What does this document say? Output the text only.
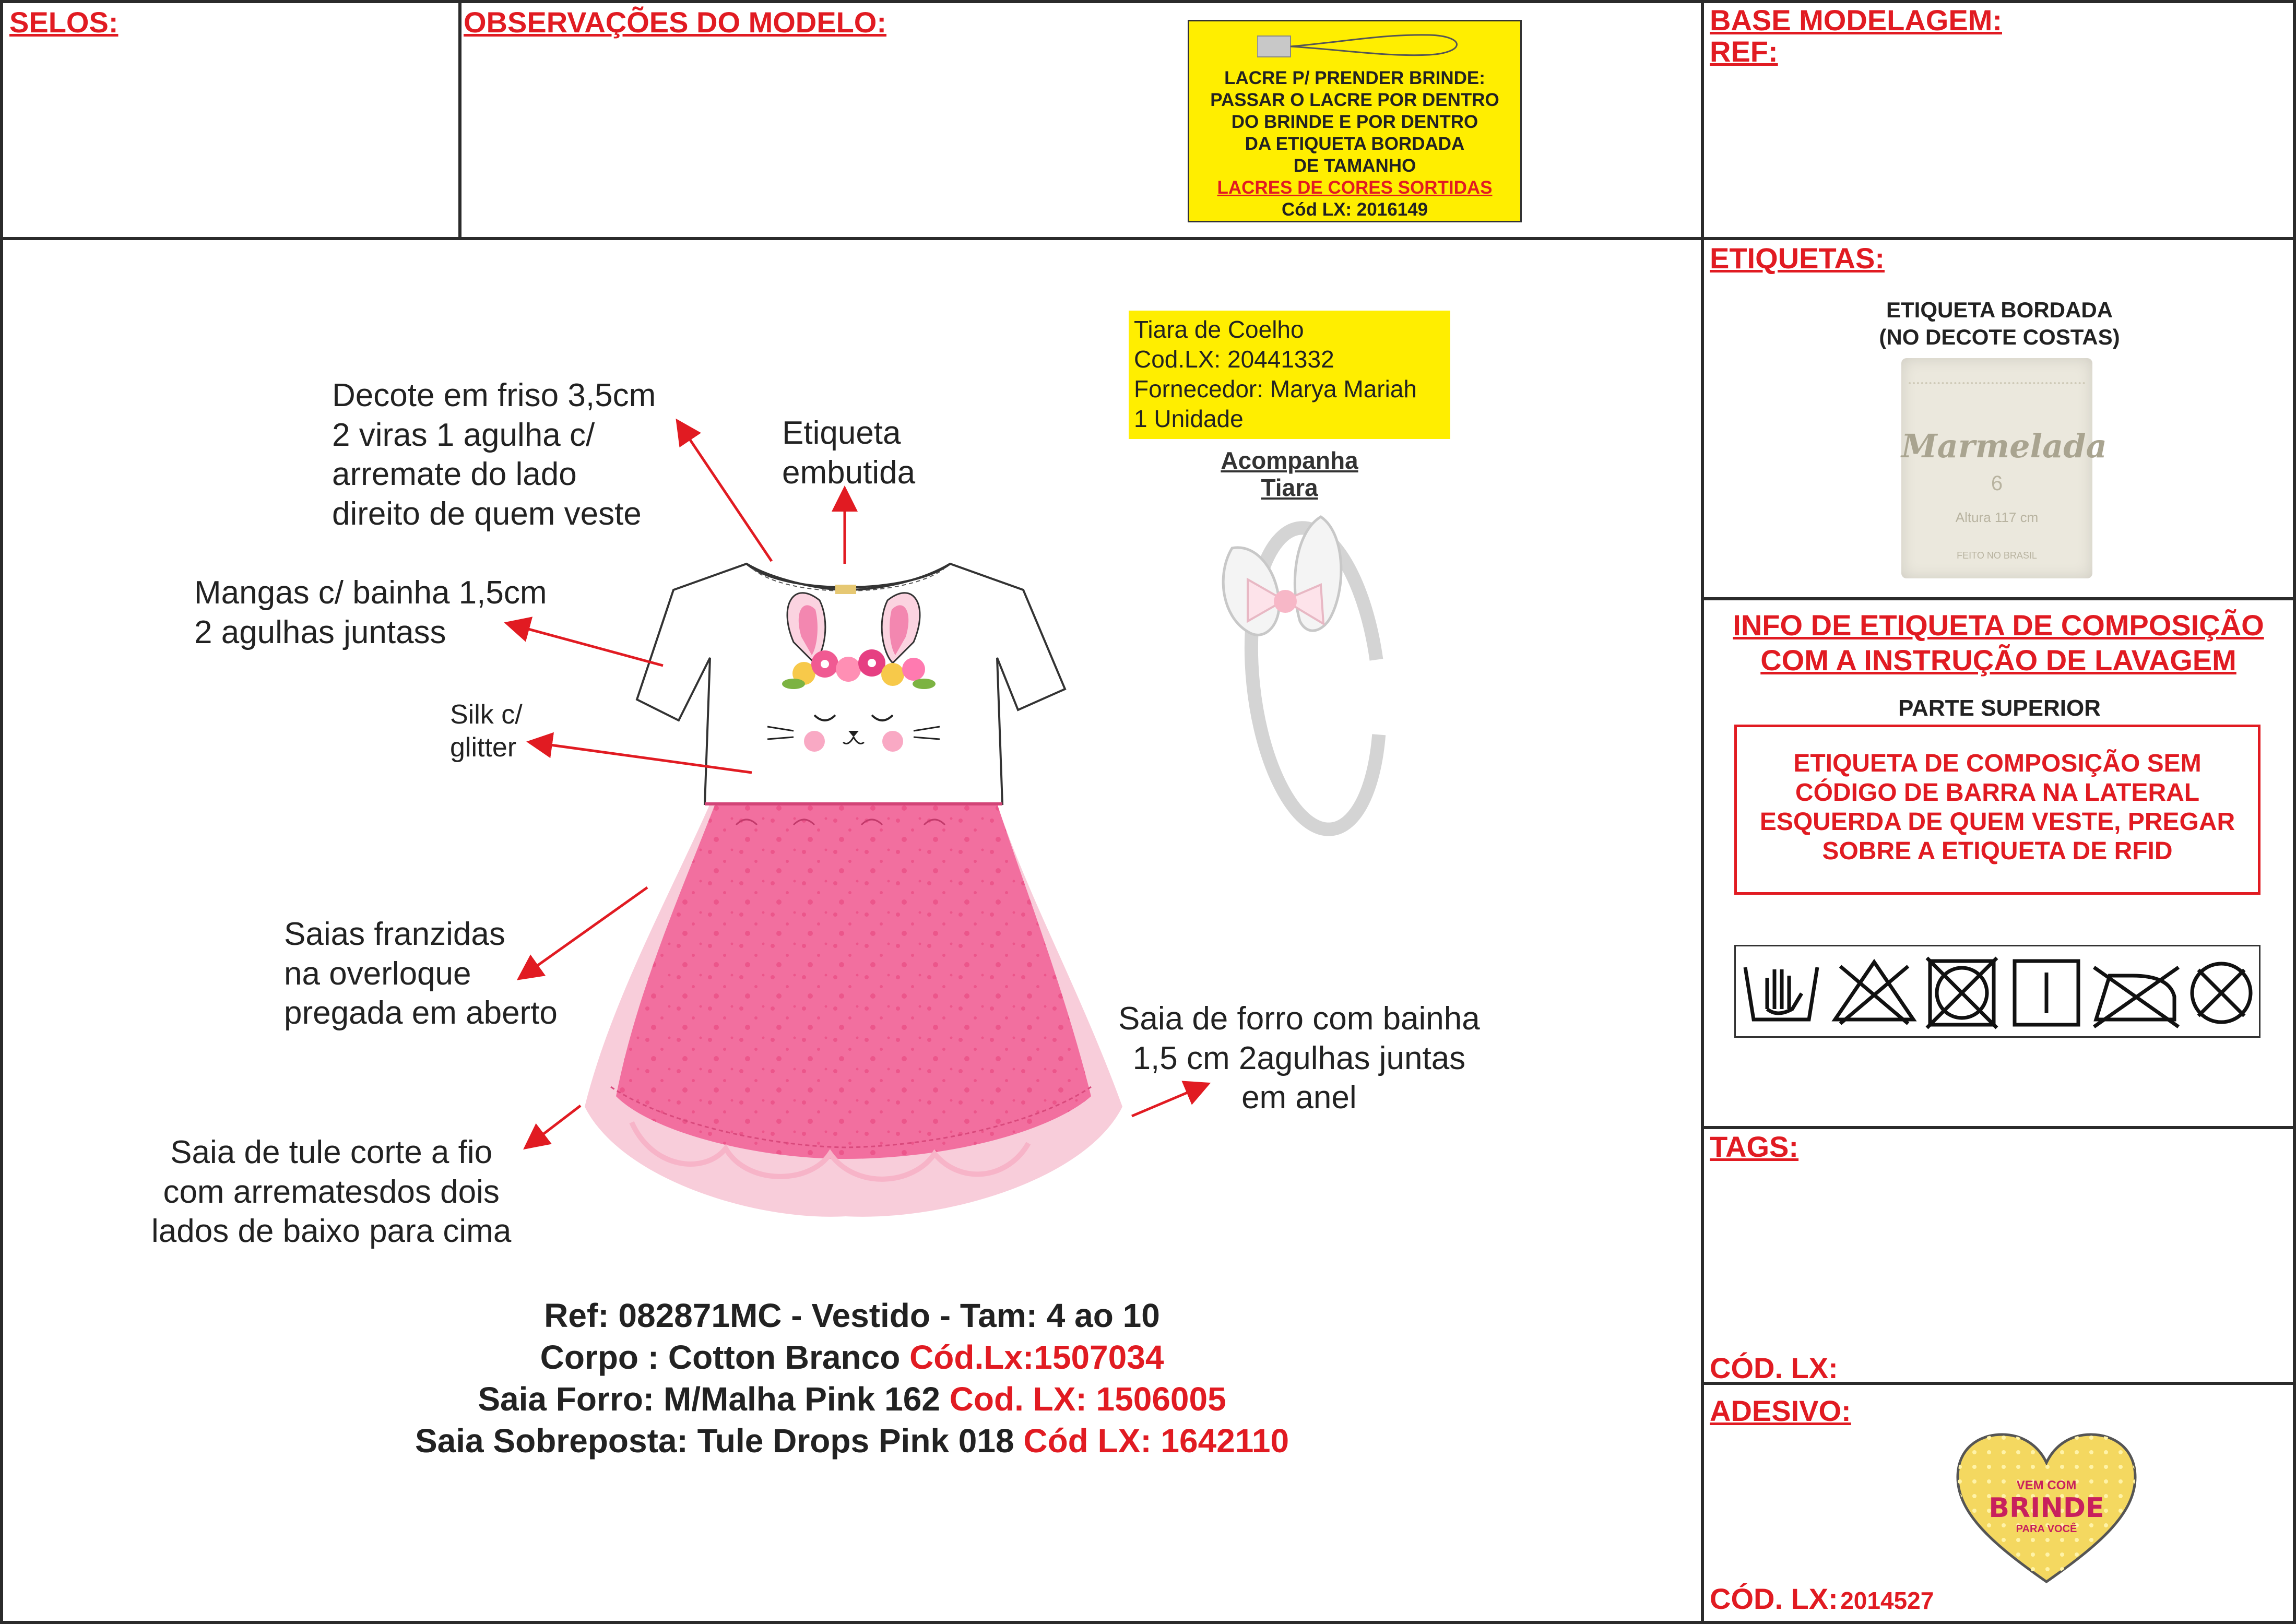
SELOS:	OBSERVAÇÕES DO MODELO:	BASE MODELAGEM:
REF:
ETIQUETAS:
INFO DE ETIQUETA DE COMPOSIÇÃO
COM A INSTRUÇÃO DE LAVAGEM
TAGS:
CÓD. LX:
ADESIVO:
CÓD. LX: 2014527
LACRE P/ PRENDER BRINDE:
PASSAR O LACRE POR DENTRO
DO BRINDE E POR DENTRO
DA ETIQUETA BORDADA
DE TAMANHO
LACRES DE CORES SORTIDAS
Cód LX: 2016149
ETIQUETA BORDADA
(NO DECOTE COSTAS)
Marmelada
6
Altura 117 cm
FEITO NO BRASIL
PARTE SUPERIOR
ETIQUETA DE COMPOSIÇÃO SEM
CÓDIGO DE BARRA NA LATERAL
ESQUERDA DE QUEM VESTE, PREGAR
SOBRE A ETIQUETA DE RFID
VEM COM
BRINDE
PARA VOCÊ
Tiara de Coelho
Cod.LX: 20441332
Fornecedor: Marya Mariah
1 Unidade
Acompanha
Tiara
Decote em friso 3,5cm
2 viras 1 agulha c/
arremate do lado
direito de quem veste
Etiqueta
embutida
Mangas c/ bainha 1,5cm
2 agulhas juntass
Silk c/
glitter
Saias franzidas
na overloque
pregada em aberto	Saia de forro com bainha
1,5 cm 2agulhas juntas
em anel
Saia de tule corte a fio
com arrematesdos dois
lados de baixo para cima
Ref: 082871MC - Vestido - Tam: 4 ao 10
Corpo : Cotton Branco Cód.Lx:1507034
Saia Forro: M/Malha Pink 162 Cod. LX: 1506005
Saia Sobreposta: Tule Drops Pink 018 Cód LX: 1642110
